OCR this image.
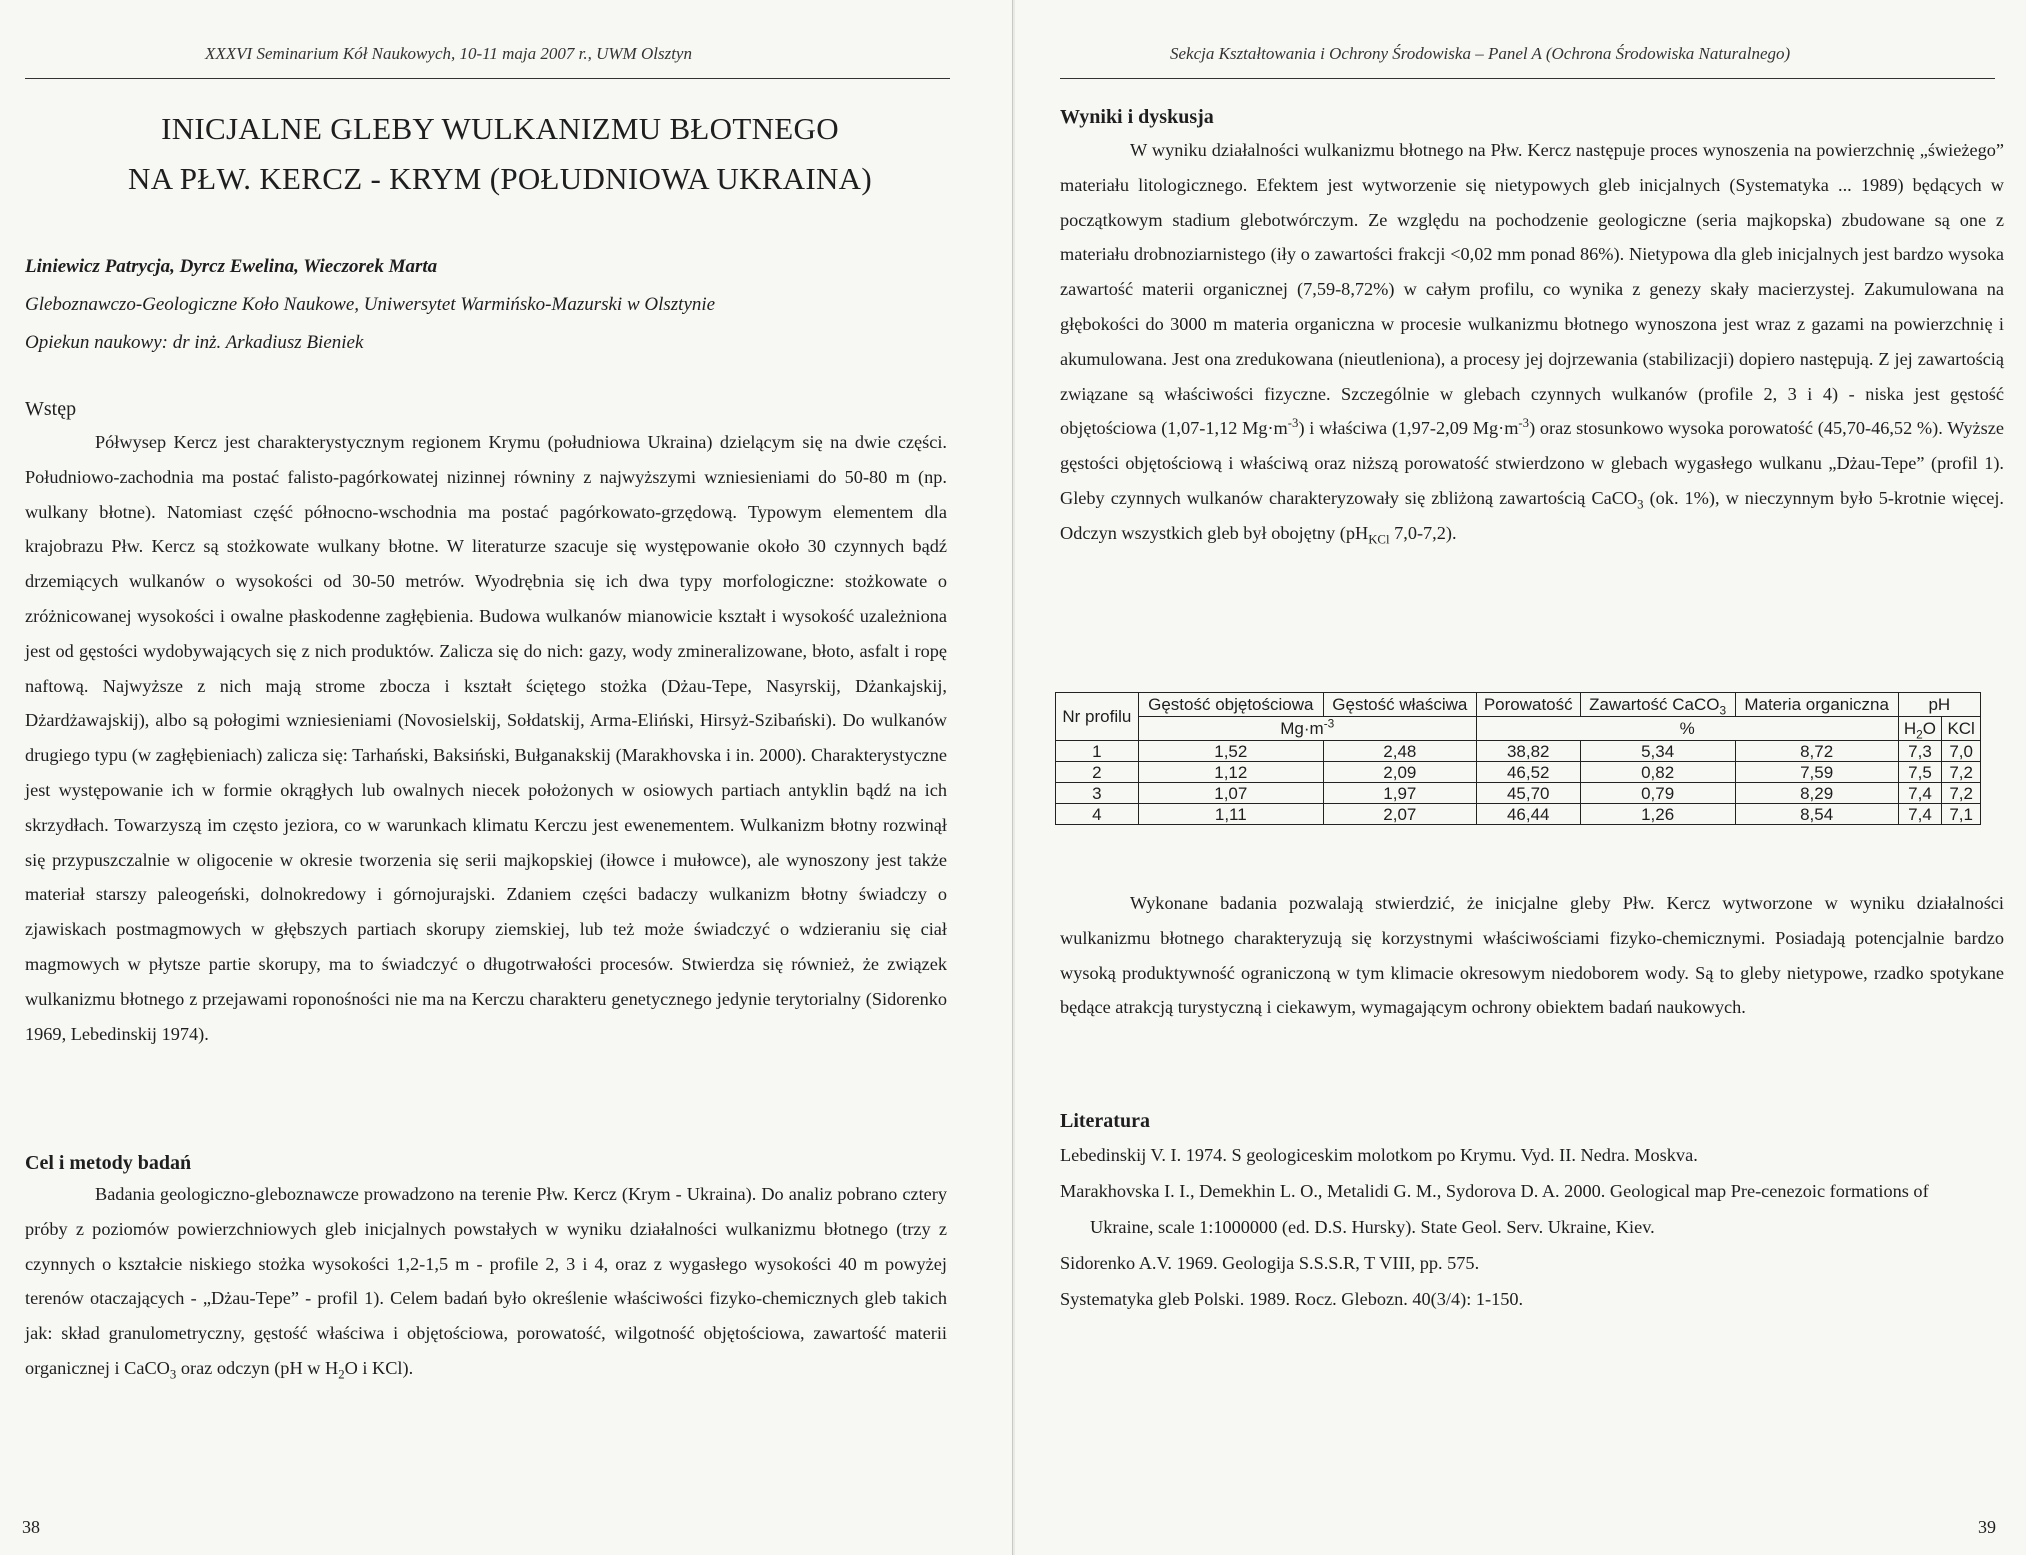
XXXVI Seminarium Kół Naukowych, 10-11 maja 2007 r., UWM Olsztyn
INICJALNE GLEBY WULKANIZMU BŁOTNEGO
NA PŁW. KERCZ - KRYM (POŁUDNIOWA UKRAINA)
Liniewicz Patrycja, Dyrcz Ewelina, Wieczorek Marta
Gleboznawczo-Geologiczne Koło Naukowe, Uniwersytet Warmińsko-Mazurski w Olsztynie
Opiekun naukowy: dr inż. Arkadiusz Bieniek
Wstęp

Półwysep Kercz jest charakterystycznym regionem Krymu (południowa Ukraina) dzielącym się na dwie części. Południowo-zachodnia ma postać falisto-pagórkowatej nizinnej równiny z najwyższymi wzniesieniami do 50-80 m (np. wulkany błotne). Natomiast część północno-wschodnia ma postać pagórkowato-grzędową. Typowym elementem dla krajobrazu Płw. Kercz są stożkowate wulkany błotne. W literaturze szacuje się występowanie około 30 czynnych bądź drzemiących wulkanów o wysokości od 30-50 metrów. Wyodrębnia się ich dwa typy morfologiczne: stożkowate o zróżnicowanej wysokości i owalne płaskodenne zagłębienia. Budowa wulkanów mianowicie kształt i wysokość uzależniona jest od gęstości wydobywających się z nich produktów. Zalicza się do nich: gazy, wody zmineralizowane, błoto, asfalt i ropę naftową. Najwyższe z nich mają strome zbocza i kształt ściętego stożka (Dżau-Tepe, Nasyrskij, Dżankajskij, Dżardżawajskij), albo są połogimi wzniesieniami (Novosielskij, Sołdatskij, Arma-Eliński, Hirsyż-Szibański). Do wulkanów drugiego typu (w zagłębieniach) zalicza się: Tarhański, Baksiński, Bułganakskij (Marakhovska i in. 2000). Charakterystyczne jest występowanie ich w formie okrągłych lub owalnych niecek położonych w osiowych partiach antyklin bądź na ich skrzydłach. Towarzyszą im często jeziora, co w warunkach klimatu Kerczu jest ewenementem. Wulkanizm błotny rozwinął się przypuszczalnie w oligocenie w okresie tworzenia się serii majkopskiej (iłowce i mułowce), ale wynoszony jest także materiał starszy paleogeński, dolnokredowy i górnojurajski. Zdaniem części badaczy wulkanizm błotny świadczy o zjawiskach postmagmowych w głębszych partiach skorupy ziemskiej, lub też może świadczyć o wdzieraniu się ciał magmowych w płytsze partie skorupy, ma to świadczyć o długotrwałości procesów. Stwierdza się również, że związek wulkanizmu błotnego z przejawami roponośności nie ma na Kerczu charakteru genetycznego jedynie terytorialny (Sidorenko 1969, Lebedinskij 1974).

Cel i metody badań

Badania geologiczno-gleboznawcze prowadzono na terenie Płw. Kercz (Krym - Ukraina). Do analiz pobrano cztery próby z poziomów powierzchniowych gleb inicjalnych powstałych w wyniku działalności wulkanizmu błotnego (trzy z czynnych o kształcie niskiego stożka wysokości 1,2-1,5 m - profile 2, 3 i 4, oraz z wygasłego wysokości 40 m powyżej terenów otaczających - „Dżau-Tepe” - profil 1). Celem badań było określenie właściwości fizyko-chemicznych gleb takich jak: skład granulometryczny, gęstość właściwa i objętościowa, porowatość, wilgotność objętościowa, zawartość materii organicznej i CaCO$_3$ oraz odczyn (pH w $H_2O$ i KCl).

38
Sekcja Kształtowania i Ochrony Środowiska – Panel A (Ochrona Środowiska Naturalnego)
Wyniki i dyskusja

W wyniku działalności wulkanizmu błotnego na Płw. Kercz następuje proces wynoszenia na powierzchnię „świeżego” materiału litologicznego. Efektem jest wytworzenie się nietypowych gleb inicjalnych (Systematyka ... 1989) będących w początkowym stadium glebotwórczym. Ze względu na pochodzenie geologiczne (seria majkopska) zbudowane są one z materiału drobnoziarnistego (iły o zawartości frakcji <0,02 mm ponad 86%). Nietypowa dla gleb inicjalnych jest bardzo wysoka zawartość materii organicznej (7,59-8,72%) w całym profilu, co wynika z genezy skały macierzystej. Zakumulowana na głębokości do 3000 m materia organiczna w procesie wulkanizmu błotnego wynoszona jest wraz z gazami na powierzchnię i akumulowana. Jest ona zredukowana (nieutleniona), a procesy jej dojrzewania (stabilizacji) dopiero następują. Z jej zawartością związane są właściwości fizyczne. Szczególnie w glebach czynnych wulkanów (profile 2, 3 i 4) - niska jest gęstość objętościowa (1,07-1,12 $Mg\cdot m^{-3}$) i właściwa (1,97-2,09 $Mg\cdot m^{-3}$) oraz stosunkowo wysoka porowatość (45,70-46,52 %). Wyższe gęstości objętościową i właściwą oraz niższą porowatość stwierdzono w glebach wygasłego wulkanu „Dżau-Tepe” (profil 1). Gleby czynnych wulkanów charakteryzowały się zbliżoną zawartością CaCO$_3$ (ok. 1%), w nieczynnym było 5-krotnie więcej. Odczyn wszystkich gleb był obojętny ($pH_{KCl}$ 7,0-7,2).

Wykonane badania pozwalają stwierdzić, że inicjalne gleby Płw. Kercz wytworzone w wyniku działalności wulkanizmu błotnego charakteryzują się korzystnymi właściwościami fizyko-chemicznymi. Posiadają potencjalnie bardzo wysoką produktywność ograniczoną w tym klimacie okresowym niedoborem wody. Są to gleby nietypowe, rzadko spotykane będące atrakcją turystyczną i ciekawym, wymagającym ochrony obiektem badań naukowych.

Literatura
39
Nr profilu	Gęstość objętościowa	Gęstość właściwa	Porowatość	Zawartość CaCO$_3$	Materia organiczna	pH	
	$Mg\cdot m^{-3}$		%			$H_2O$	KCl
1	1,52	2,48	38,82	5,34	8,72	7,3	7,0
2	1,12	2,09	46,52	0,82	7,59	7,5	7,2
3	1,07	1,97	45,70	0,79	8,29	7,4	7,2
4	1,11	2,07	46,44	1,26	8,54	7,4	7,1
Lebedinskij V. I. 1974. S geologiceskim molotkom po Krymu. Vyd. II. Nedra. Moskva.
Marakhovska I. I., Demekhin L. O., Metalidi G. M., Sydorova D. A. 2000. Geological map Pre-cenezoic formations of Ukraine, scale 1:1000000 (ed. D.S. Hursky). State Geol. Serv. Ukraine, Kiev.
Sidorenko A.V. 1969. Geologija S.S.S.R, T VIII, pp. 575.
Systematyka gleb Polski. 1989. Rocz. Glebozn. 40(3/4): 1-150.
